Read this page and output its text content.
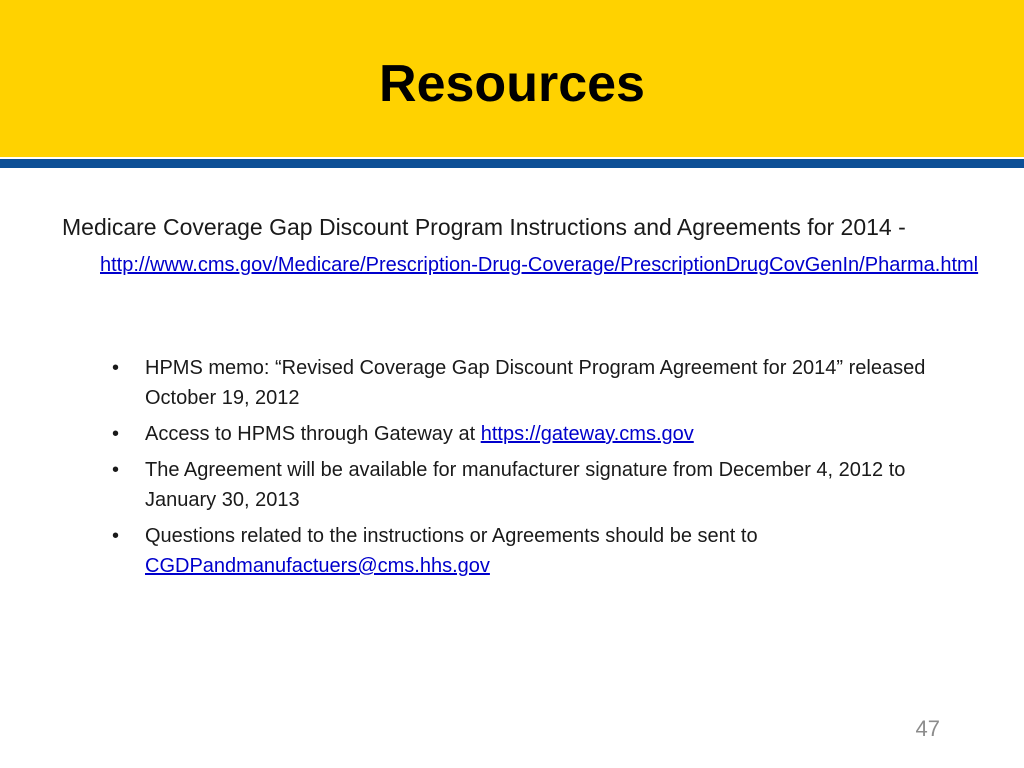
Resources
Medicare Coverage Gap Discount Program Instructions and Agreements for 2014 - http://www.cms.gov/Medicare/Prescription-Drug-Coverage/PrescriptionDrugCovGenIn/Pharma.html
• HPMS memo: “Revised Coverage Gap Discount Program Agreement for 2014” released October 19, 2012
• Access to HPMS through Gateway at https://gateway.cms.gov
• The Agreement will be available for manufacturer signature from December 4, 2012 to January 30, 2013
• Questions related to the instructions or Agreements should be sent to
CGDPandmanufactuers@cms.hhs.gov
47
